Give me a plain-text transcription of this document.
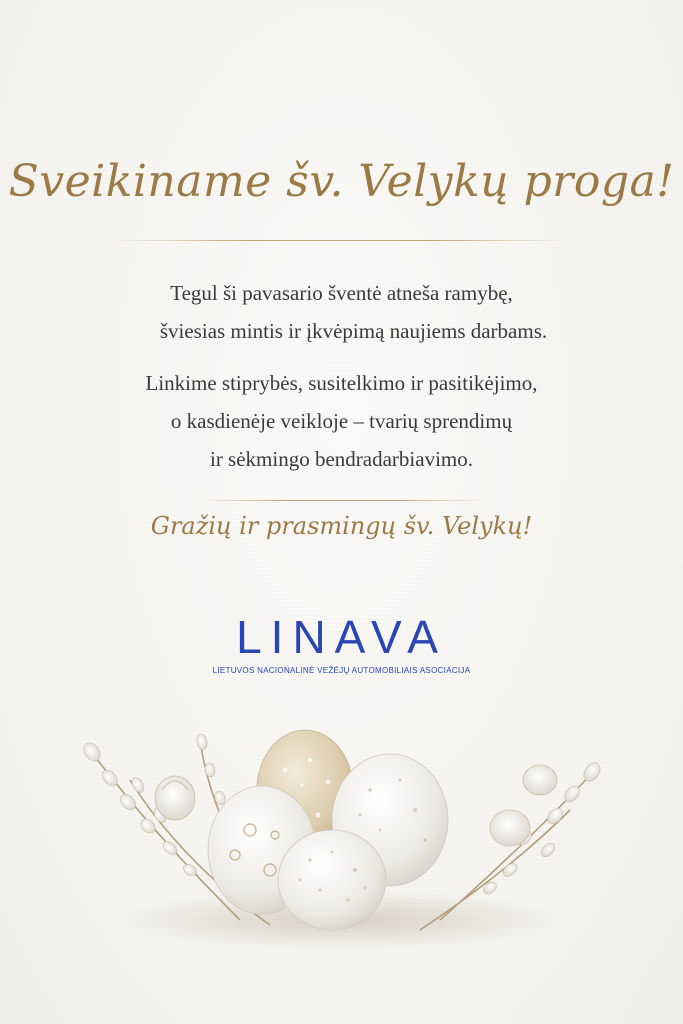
Sveikiname šv. Velykų proga!
Tegul ši pavasario šventė atneša ramybę,
šviesias mintis ir įkvėpimą naujiems darbams.
Linkime stiprybės, susitelkimo ir pasitikėjimo,
o kasdienėje veikloje – tvarių sprendimų
ir sėkmingo bendradarbiavimo.
Gražių ir prasmingų šv. Velykų!
LINAVA
LIETUVOS NACIONALINĖ VEŽĖJŲ AUTOMOBILIAIS ASOCIACIJA
